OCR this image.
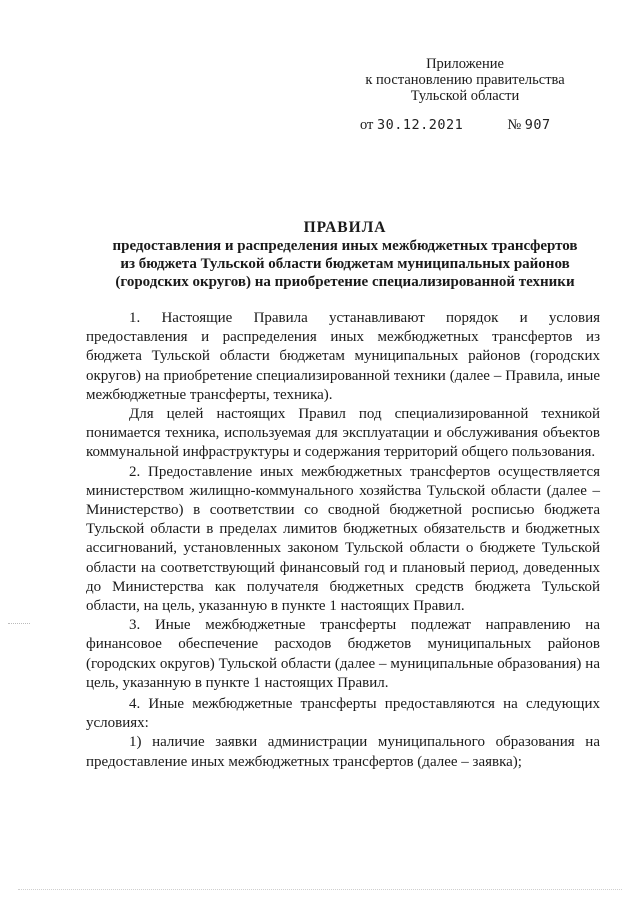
Приложение
к постановлению правительства
Тульской области
от 30.12.2021	№ 907
ПРАВИЛА
предоставления и распределения иных межбюджетных трансфертов
из бюджета Тульской области бюджетам муниципальных районов
(городских округов) на приобретение специализированной техники

1. Настоящие Правила устанавливают порядок и условия предоставления и распределения иных межбюджетных трансфертов из бюджета Тульской области бюджетам муниципальных районов (городских округов) на приобретение специализированной техники (далее – Правила, иные межбюджетные трансферты, техника).

Для целей настоящих Правил под специализированной техникой понимается техника, используемая для эксплуатации и обслуживания объектов коммунальной инфраструктуры и содержания территорий общего пользования.

2. Предоставление иных межбюджетных трансфертов осуществляется министерством жилищно-коммунального хозяйства Тульской области (далее – Министерство) в соответствии со сводной бюджетной росписью бюджета Тульской области в пределах лимитов бюджетных обязательств и бюджетных ассигнований, установленных законом Тульской области о бюджете Тульской области на соответствующий финансовый год и плановый период, доведенных до Министерства как получателя бюджетных средств бюджета Тульской области, на цель, указанную в пункте 1 настоящих Правил.

3. Иные межбюджетные трансферты подлежат направлению на финансовое обеспечение расходов бюджетов муниципальных районов (городских округов) Тульской области (далее – муниципальные образования) на цель, указанную в пункте 1 настоящих Правил.

4. Иные межбюджетные трансферты предоставляются на следующих условиях:

1) наличие заявки администрации муниципального образования на предоставление иных межбюджетных трансфертов (далее – заявка);
